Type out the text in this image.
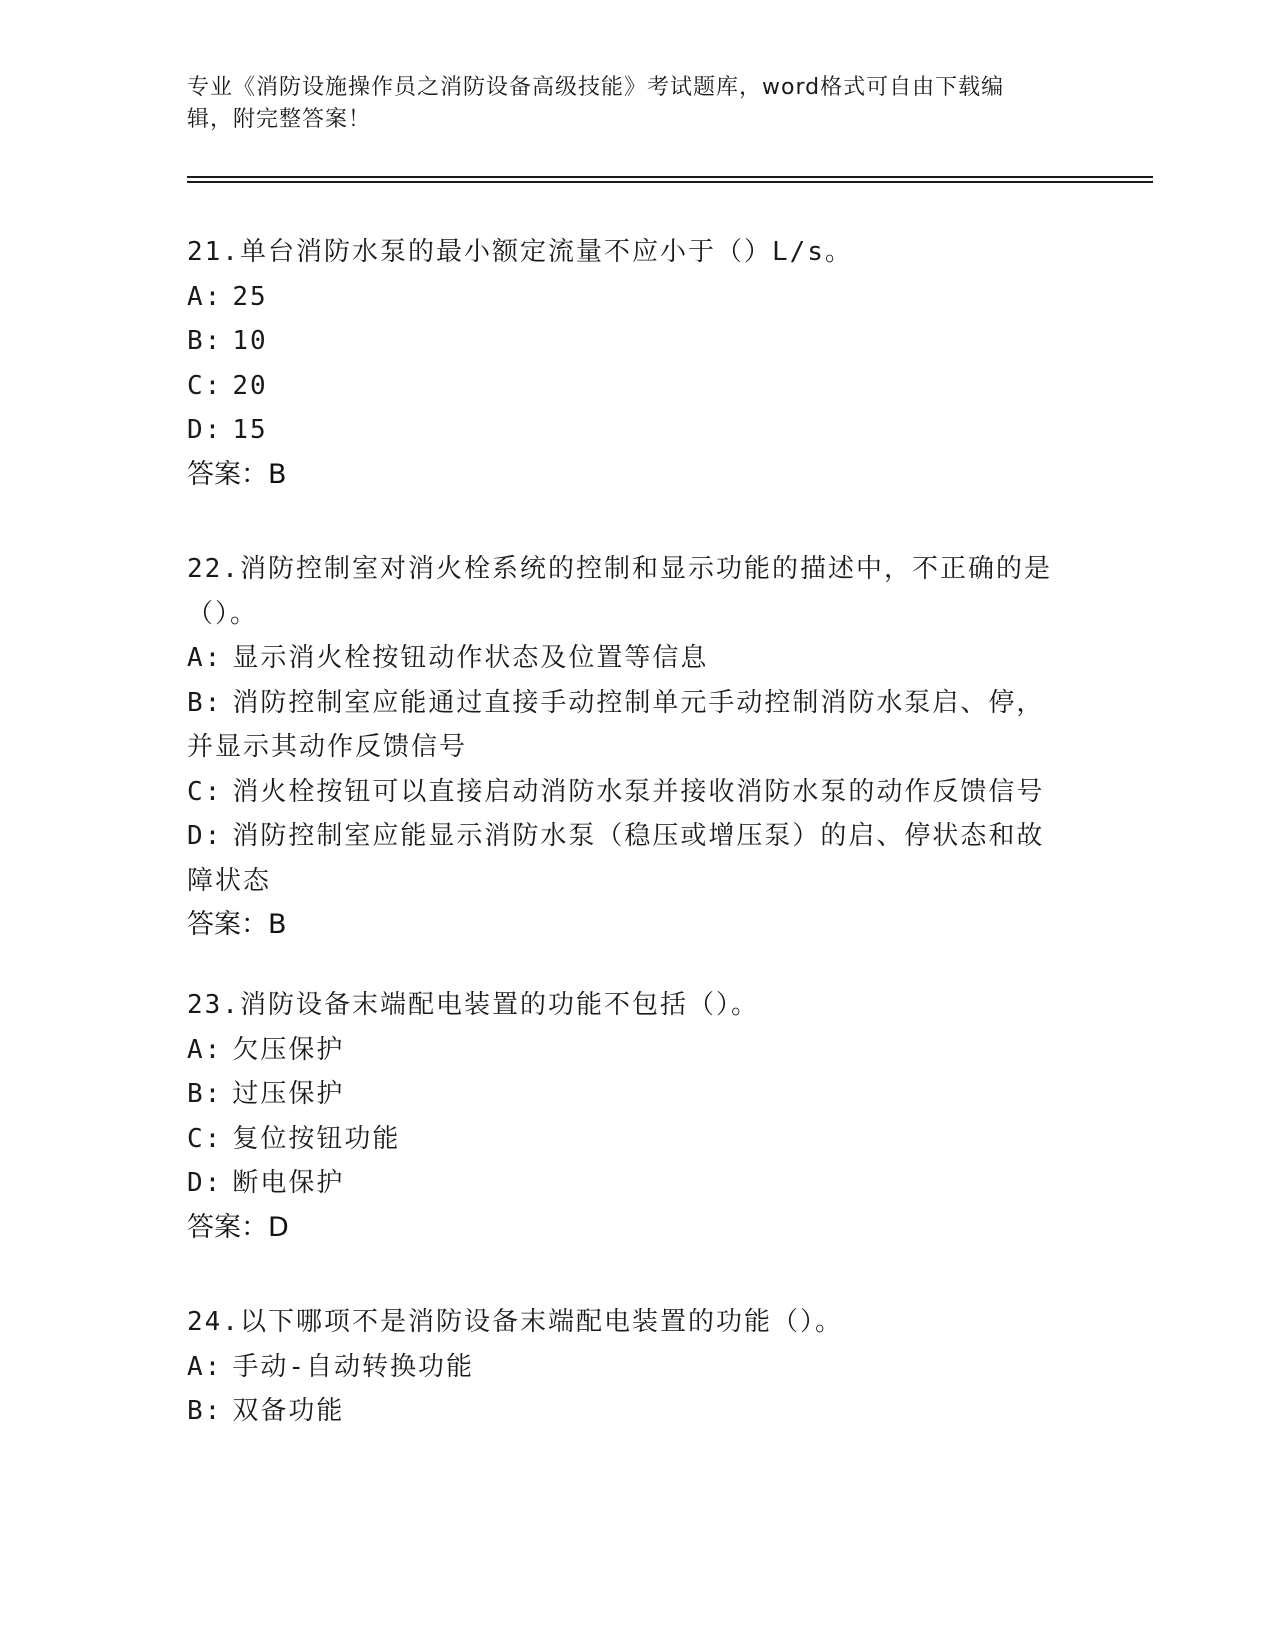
专业《消防设施操作员之消防设备高级技能》考试题库，word格式可自由下载编
辑，附完整答案！

21.单台消防水泵的最小额定流量不应小于（）L/s。

A: 25

B: 10

C: 20

D: 15

答案：B

22.消防控制室对消火栓系统的控制和显示功能的描述中，不正确的是

（）。

A: 显示消火栓按钮动作状态及位置等信息

B: 消防控制室应能通过直接手动控制单元手动控制消防水泵启、停，

并显示其动作反馈信号

C: 消火栓按钮可以直接启动消防水泵并接收消防水泵的动作反馈信号

D: 消防控制室应能显示消防水泵（稳压或增压泵）的启、停状态和故

障状态

答案：B

23.消防设备末端配电装置的功能不包括（）。

A: 欠压保护

B: 过压保护

C: 复位按钮功能

D: 断电保护

答案：D

24.以下哪项不是消防设备末端配电装置的功能（）。

A: 手动-自动转换功能

B: 双备功能
